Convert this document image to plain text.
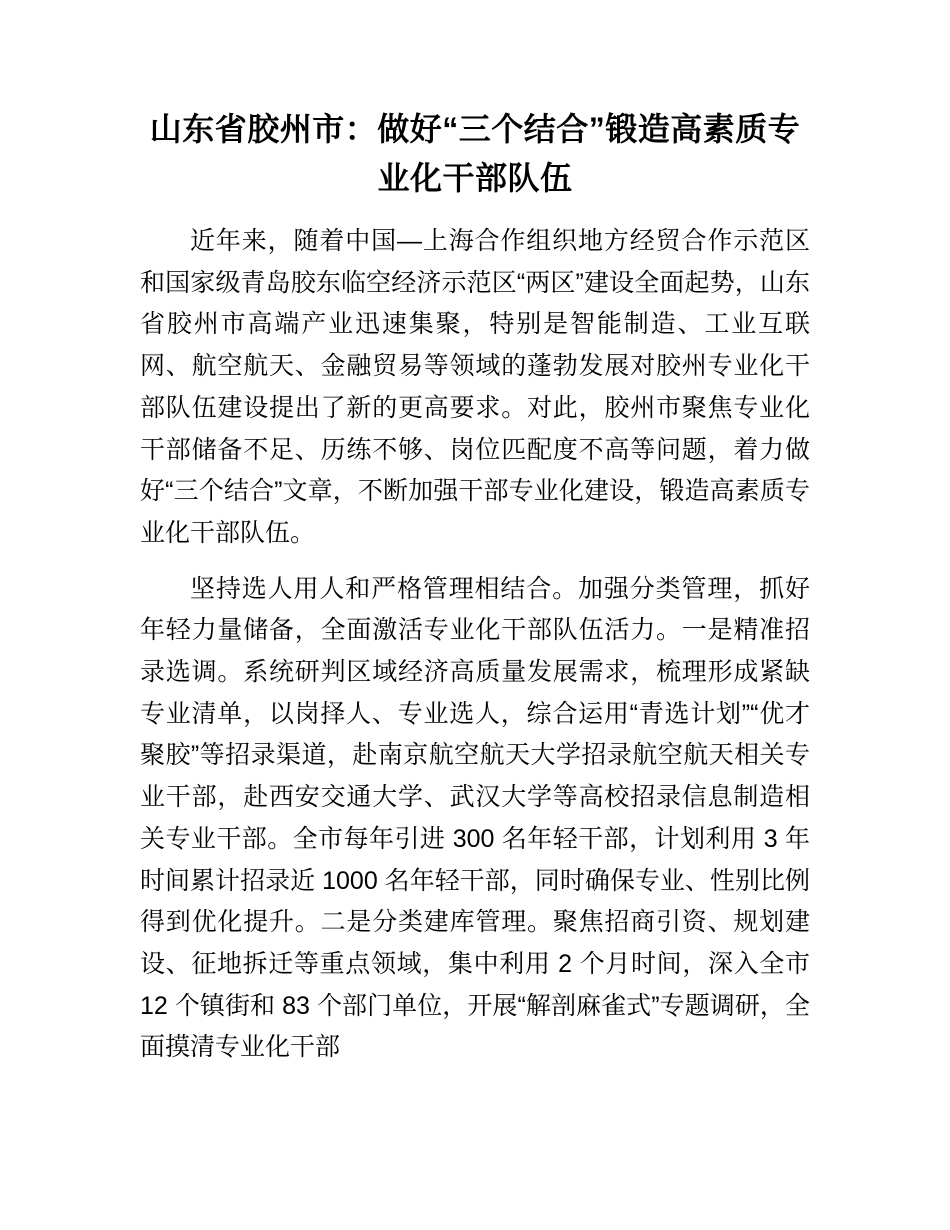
山东省胶州市：做好“三个结合”锻造高素质专业化干部队伍

近年来，随着中国—上海合作组织地方经贸合作示范区和国家级青岛胶东临空经济示范区“两区”建设全面起势，山东省胶州市高端产业迅速集聚，特别是智能制造、工业互联网、航空航天、金融贸易等领域的蓬勃发展对胶州专业化干部队伍建设提出了新的更高要求。对此，胶州市聚焦专业化干部储备不足、历练不够、岗位匹配度不高等问题，着力做好“三个结合”文章，不断加强干部专业化建设，锻造高素质专业化干部队伍。

坚持选人用人和严格管理相结合。加强分类管理，抓好年轻力量储备，全面激活专业化干部队伍活力。一是精准招录选调。系统研判区域经济高质量发展需求，梳理形成紧缺专业清单，以岗择人、专业选人，综合运用“青选计划”“优才聚胶”等招录渠道，赴南京航空航天大学招录航空航天相关专业干部，赴西安交通大学、武汉大学等高校招录信息制造相关专业干部。全市每年引进 300 名年轻干部，计划利用 3 年时间累计招录近 1000 名年轻干部，同时确保专业、性别比例得到优化提升。二是分类建库管理。聚焦招商引资、规划建设、征地拆迁等重点领域，集中利用 2 个月时间，深入全市 12 个镇街和 83 个部门单位，开展“解剖麻雀式”专题调研，全面摸清专业化干部
